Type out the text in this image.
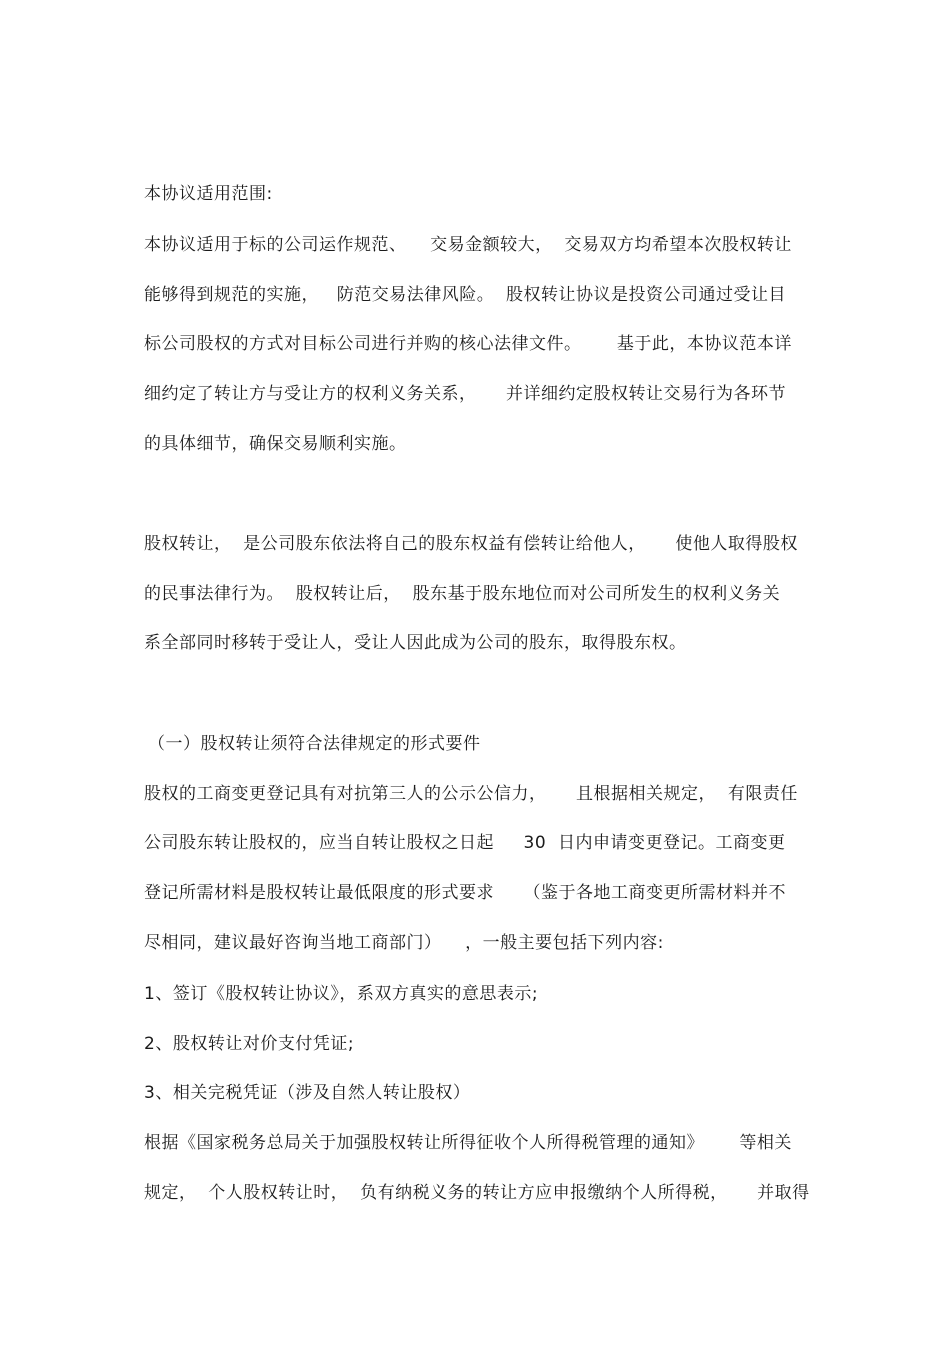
本协议适用范围:
本协议适用于标的公司运作规范、    交易金额较大，  交易双方均希望本次股权转让
能够得到规范的实施，   防范交易法律风险。  股权转让协议是投资公司通过受让目
标公司股权的方式对目标公司进行并购的核心法律文件。      基于此，本协议范本详
细约定了转让方与受让方的权利义务关系，     并详细约定股权转让交易行为各环节
的具体细节，确保交易顺利实施。
股权转让，  是公司股东依法将自己的股东权益有偿转让给他人，     使他人取得股权
的民事法律行为。  股权转让后，  股东基于股东地位而对公司所发生的权利义务关
系全部同时移转于受让人，受让人因此成为公司的股东，取得股东权。
（一）股权转让须符合法律规定的形式要件
股权的工商变更登记具有对抗第三人的公示公信力，     且根据相关规定，  有限责任
公司股东转让股权的，应当自转让股权之日起     30  日内申请变更登记。工商变更
登记所需材料是股权转让最低限度的形式要求     （鉴于各地工商变更所需材料并不
尽相同，建议最好咨询当地工商部门）    ，一般主要包括下列内容:
1、签订《股权转让协议》，系双方真实的意思表示;
2、股权转让对价支付凭证;
3、相关完税凭证（涉及自然人转让股权）
根据《国家税务总局关于加强股权转让所得征收个人所得税管理的通知》      等相关
规定，  个人股权转让时，  负有纳税义务的转让方应申报缴纳个人所得税，     并取得
